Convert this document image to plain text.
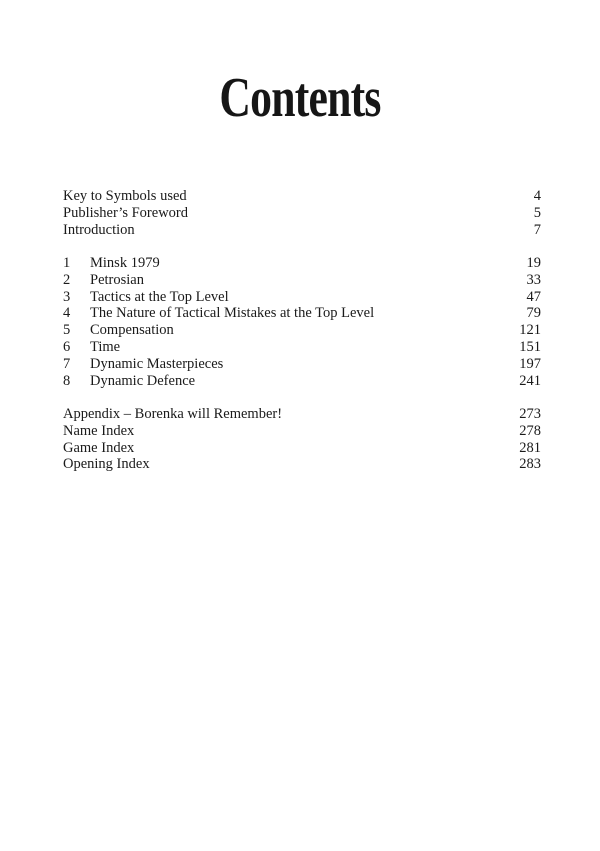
Contents
Key to Symbols used	4
Publisher’s Foreword	5
Introduction	7
1	Minsk 1979	19
2	Petrosian	33
3	Tactics at the Top Level	47
4	The Nature of Tactical Mistakes at the Top Level	79
5	Compensation	121
6	Time	151
7	Dynamic Masterpieces	197
8	Dynamic Defence	241
Appendix – Borenka will Remember!	273
Name Index	278
Game Index	281
Opening Index	283
